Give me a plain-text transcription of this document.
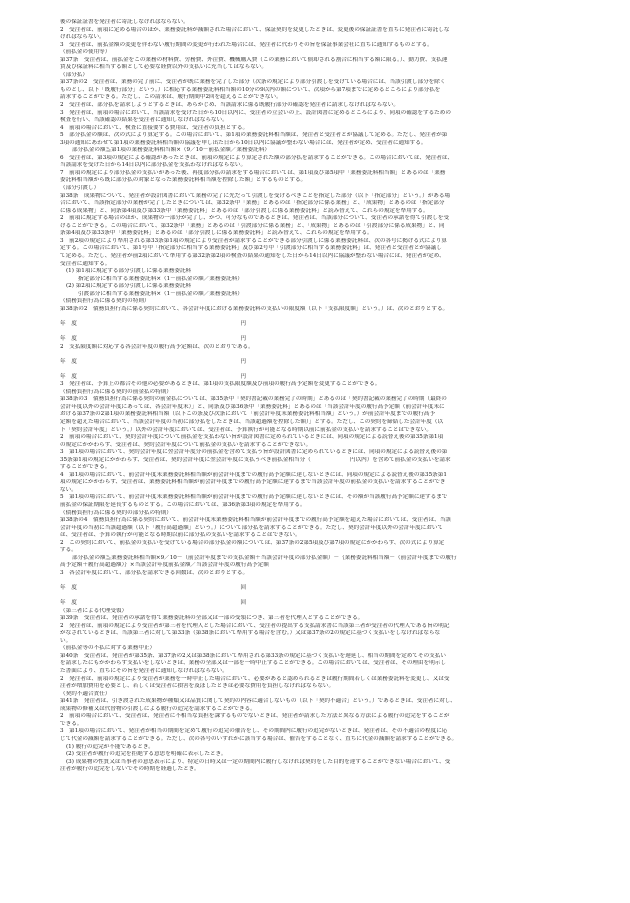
後の保証証書を発注者に寄託しなければならない。
2　受注者は、前項に定める場合のほか、業務委託料が減額された場合において、保証契約を変更したときは、変更後の保証証書を直ちに発注者に寄託しな
ければならない。
3　受注者は、前払金額の変更を伴わない履行期間の変更が行われた場合には、発注者に代わりその旨を保証事業会社に直ちに通知するものとする。
（前払金の使用等）
第37条　受注者は、前払金をこの業務の材料費、労務費、外注費、機械購入費（この業務において償却される割合に相当する額に限る。）、動力費、支払運
賃及び保証料に相当する額として必要な経費以外の支払いに充当してはならない。
（部分払）
第37条の2　受注者は、業務の完了前に、受注者が既に業務を完了した部分（次条の規定により部分引渡しを受けている場合には、当該引渡し部分を除く
ものとし、以下「既履行部分」という。）に相応する業務委託料相当額の10分の9以内の額について、次項から第7項までに定めるところにより部分払を
請求することができる。ただし、この請求は、履行期間中2回を超えることができない。
2　受注者は、部分払を請求しようとするときは、あらかじめ、当該請求に係る既履行部分の確認を発注者に請求しなければならない。
3　発注者は、前項の場合において、当該請求を受けた日から10日以内に、受注者の立会いの上、設計図書に定めるところにより、同項の確認をするための
検査を行い、当該確認の結果を受注者に通知しなければならない。
4　前項の場合において、検査に直接要する費用は、受注者の負担とする。
5　部分払金の額は、次の式により算定する。この場合において、第1項の業務委託料相当額は、発注者と受注者とが協議して定める。ただし、発注者が第
3項の通知にあわせて第1項の業務委託料相当額の協議を申し出た日から10日以内に協議が整わない場合には、発注者が定め、受注者に通知する。
部分払金の額≦第1項の業務委託料相当額×（9／10－前払金額／業務委託料）
6　受注者は、第3項の規定による確認があったときは、前項の規定により算定された額の部分払を請求することができる。この場合においては、発注者は、
当該請求を受けた日から14日以内に部分払金を支払わなければならない。
7　前項の規定により部分払金の支払いがあった後、再度部分払の請求をする場合においては、第1項及び第5項中「業務委託料相当額」とあるのは「業務
委託料相当額から既に部分払の対象となった業務委託料相当額を控除した額」とするものとする。
（部分引渡し）
第38条　成果物について、発注者が設計図書において業務の完了に先だって引渡しを受けるべきことを指定した部分（以下「指定部分」という。）がある場
合において、当該指定部分の業務が完了したときについては、第32条中「業務」とあるのは「指定部分に係る業務」と、「成果物」とあるのは「指定部分
に係る成果物」と、同条第4項及び第33条中「業務委託料」とあるのは「部分引渡しに係る業務委託料」と読み替えて、これらの規定を準用する。
2　前項に規定する場合のほか、成果物の一部分が完了し、かつ、可分なものであるときは、発注者は、当該部分について、受注者の承諾を得て引渡しを受
けることができる。この場合において、第32条中「業務」とあるのは「引渡部分に係る業務」と、「成果物」とあるのは「引渡部分に係る成果物」と、同
条第4項及び第33条中「業務委託料」とあるのは「部分引渡しに係る業務委託料」と読み替えて、これらの規定を準用する。
3　前2項の規定により準用される第33条第1項の規定により受注者が請求することができる部分引渡しに係る業務委託料は、次の各号に掲げる式により算
定する。この場合において、第1号中「指定部分に相当する業務委託料」及び第2号中「引渡部分に相当する業務委託料」は、発注者と受注者とが協議し
て定める。ただし、発注者が前2項において準用する第32条第2項の検査の結果の通知をした日から14日以内に協議が整わない場合には、発注者が定め、
受注者に通知する。
(1) 第1項に規定する部分引渡しに係る業務委託料
指定部分に相当する業務委託料×（1－前払金の額／業務委託料）
(2) 第2項に規定する部分引渡しに係る業務委託料
引渡部分に相当する業務委託料×（1－前払金の額／業務委託料）
（債務負担行為に係る契約の特則）
第38条の2　債務負担行為に係る契約において、各会計年度における業務委託料の支払いの限度額（以下「支払限度額」という。）は、次のとおりとする。
年　度	円
年　度	円
2　支払限度額に対応する各会計年度の履行高予定額は、次のとおりである。
年　度	円
年　度	円
3　発注者は、予算上の都合その他の必要があるときは、第1項の支払限度額及び前項の履行高予定額を変更することができる。
（債務負担行為に係る契約の前金払の特則）
第38条の3　債務負担行為に係る契約の前金払については、第35条中「契約書記載の業務完了の時期」とあるのは「契約書記載の業務完了の時期（最終の
会計年度以外の会計年度にあっては、各会計年度末）」と、同条及び第36条中「業務委託料」とあるのは「当該会計年度の履行高予定額（前会計年度末に
おける第37条の2第1項の業務委託料相当額（以下この条及び次条において「前会計年度末業務委託料相当額」という。）が前会計年度までの履行高予
定額を超えた場合において、当該会計年度の当初に部分払をしたときは、当該超過額を控除した額）」とする。ただし、この契約を締結した会計年度（以
下「契約会計年度」という。）以外の会計年度においては、受注者は、予算執行が可能となる時期以前に前払金の支払いを請求することはできない。
2　前項の場合において、契約会計年度について前払金を支払わない旨が設計図書に定められているときには、同項の規定による読替え後の第35条第1項
の規定にかかわらず、受注者は、契約会計年度について前払金の支払いを請求することができない。
3　第1項の場合において、契約会計年度に翌会計年度分の前払金を含めて支払う旨が設計図書に定められているときには、同項の規定による読替え後の第
35条第1項の規定にかかわらず、受注者は、契約会計年度に翌会計年度に支払うべき前払金相当分（　　　　　　　円以内）を含めて前払金の支払いを請求
することができる。
4　第1項の場合において、前会計年度末業務委託料相当額が前会計年度までの履行高予定額に達しないときには、同項の規定による読替え後の第35条第1
項の規定にかかわらず、受注者は、業務委託料相当額が前会計年度までの履行高予定額に達するまで当該会計年度の前払金の支払いを請求することができ
ない。
5　第1項の場合において、前会計年度末業務委託料相当額が前会計年度までの履行高予定額に達しないときには、その額が当該履行高予定額に達するまで
前払金の保証期限を延長するものとする。この場合においては、第36条第3項の規定を準用する。
（債務負担行為に係る契約の部分払の特則）
第38条の4　債務負担行為に係る契約において、前会計年度末業務委託料相当額が前会計年度までの履行高予定額を超えた場合においては、受注者は、当該
会計年度の当初に当該超過額（以下「履行高超過額」という。）について部分払を請求することができる。ただし、契約会計年度以外の会計年度において
は、受注者は、予算の執行が可能となる時期以前に部分払の支払いを請求することはできない。
2　この契約において、前払金の支払いを受けている場合の部分払金の額については、第37条の2第5項及び第7項の規定にかかわらず、次の式により算定
する。
部分払金の額≦業務委託料相当額×9／10－（前会計年度までの支払金額＋当該会計年度の部分払金額）－｛業務委託料相当額－（前会計年度までの履行
高予定額＋履行高超過額）｝×当該会計年度前払金額／当該会計年度の履行高予定額
3　各会計年度において、部分払を請求できる回数は、次のとおりとする。
年　度	回
年　度	回
（第三者による代理受領）
第39条　受注者は、発注者の承諾を得て業務委託料の全部又は一部の受領につき、第三者を代理人とすることができる。
2　発注者は、前項の規定により受注者が第三者を代理人とした場合において、受注者の提出する支払請求書に当該第三者が受注者の代理人である旨の明記
がなされているときは、当該第三者に対して第33条（第38条において準用する場合を含む。）又は第37条の2の規定に基づく支払いをしなければならな
い。
（前払金等の不払に対する業務中止）
第40条　受注者は、発注者が第35条、第37条の2又は第38条において準用される第33条の規定に基づく支払いを遅延し、相当の期間を定めてその支払い
を請求したにもかかわらず支払いをしないときは、業務の全部又は一部を一時中止することができる。この場合においては、受注者は、その理由を明示し
た書面により、直ちにその旨を発注者に通知しなければならない。
2　発注者は、前項の規定により受注者が業務を一時中止した場合において、必要があると認められるときは履行期間若しくは業務委託料を変更し、又は受
注者が増加費用を必要とし、若しくは受注者に損害を及ぼしたときは必要な費用を負担しなければならない。
（契約不適合責任）
第41条　発注者は、引き渡された成果物が種類又は品質に関して契約の内容に適合しないもの（以下「契約不適合」という。）であるときは、受注者に対し、
成果物の修補又は代替物の引渡しによる履行の追完を請求することができる。
2　前項の場合において、受注者は、発注者に不相当な負担を課するものでないときは、発注者が請求した方法と異なる方法による履行の追完をすることが
できる。
3　第1項の場合において、発注者が相当の期間を定めて履行の追完の催告をし、その期間内に履行の追完がないときは、発注者は、その不適合の程度に応
じて代金の減額を請求することができる。ただし、次の各号のいずれかに該当する場合は、催告をすることなく、直ちに代金の減額を請求することができる。
(1) 履行の追完が不能であるとき。
(2) 受注者が履行の追完を拒絶する意思を明確に表示したとき。
(3) 成果物の性質又は当事者の意思表示により、特定の日時又は一定の期間内に履行しなければ契約をした目的を達することができない場合において、受
注者が履行の追完をしないでその時期を経過したとき。
